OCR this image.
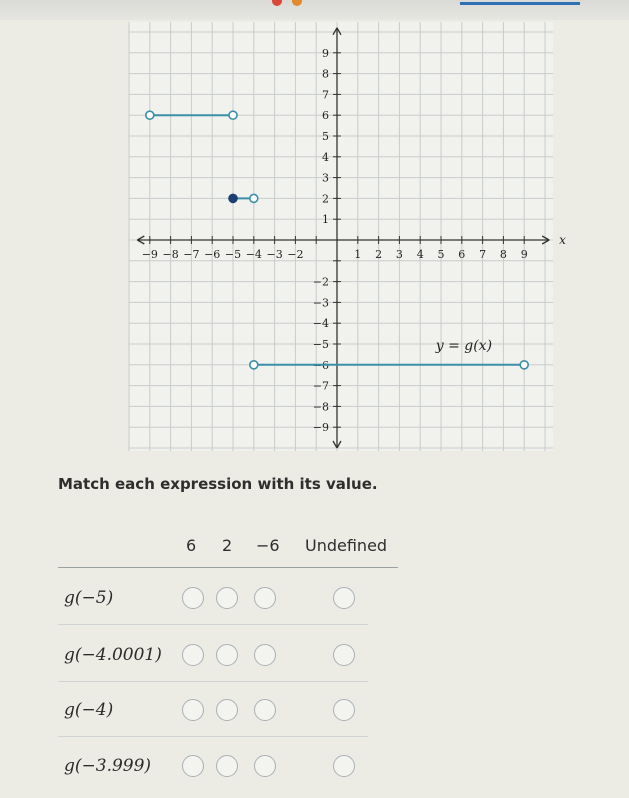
−9 −8 −7 −6 −5 −4 −3 −2	1 2 3 4 5 6 7 8 9
9
8
7
6
5
4
3
2
1
−2
−3
−4
−5
−6
−7
−8
−9
x
y = g(x)
Match each expression with its value.
6 2 −6 Undefined
g(−5)
g(−4.0001)
g(−4)
g(−3.999)
